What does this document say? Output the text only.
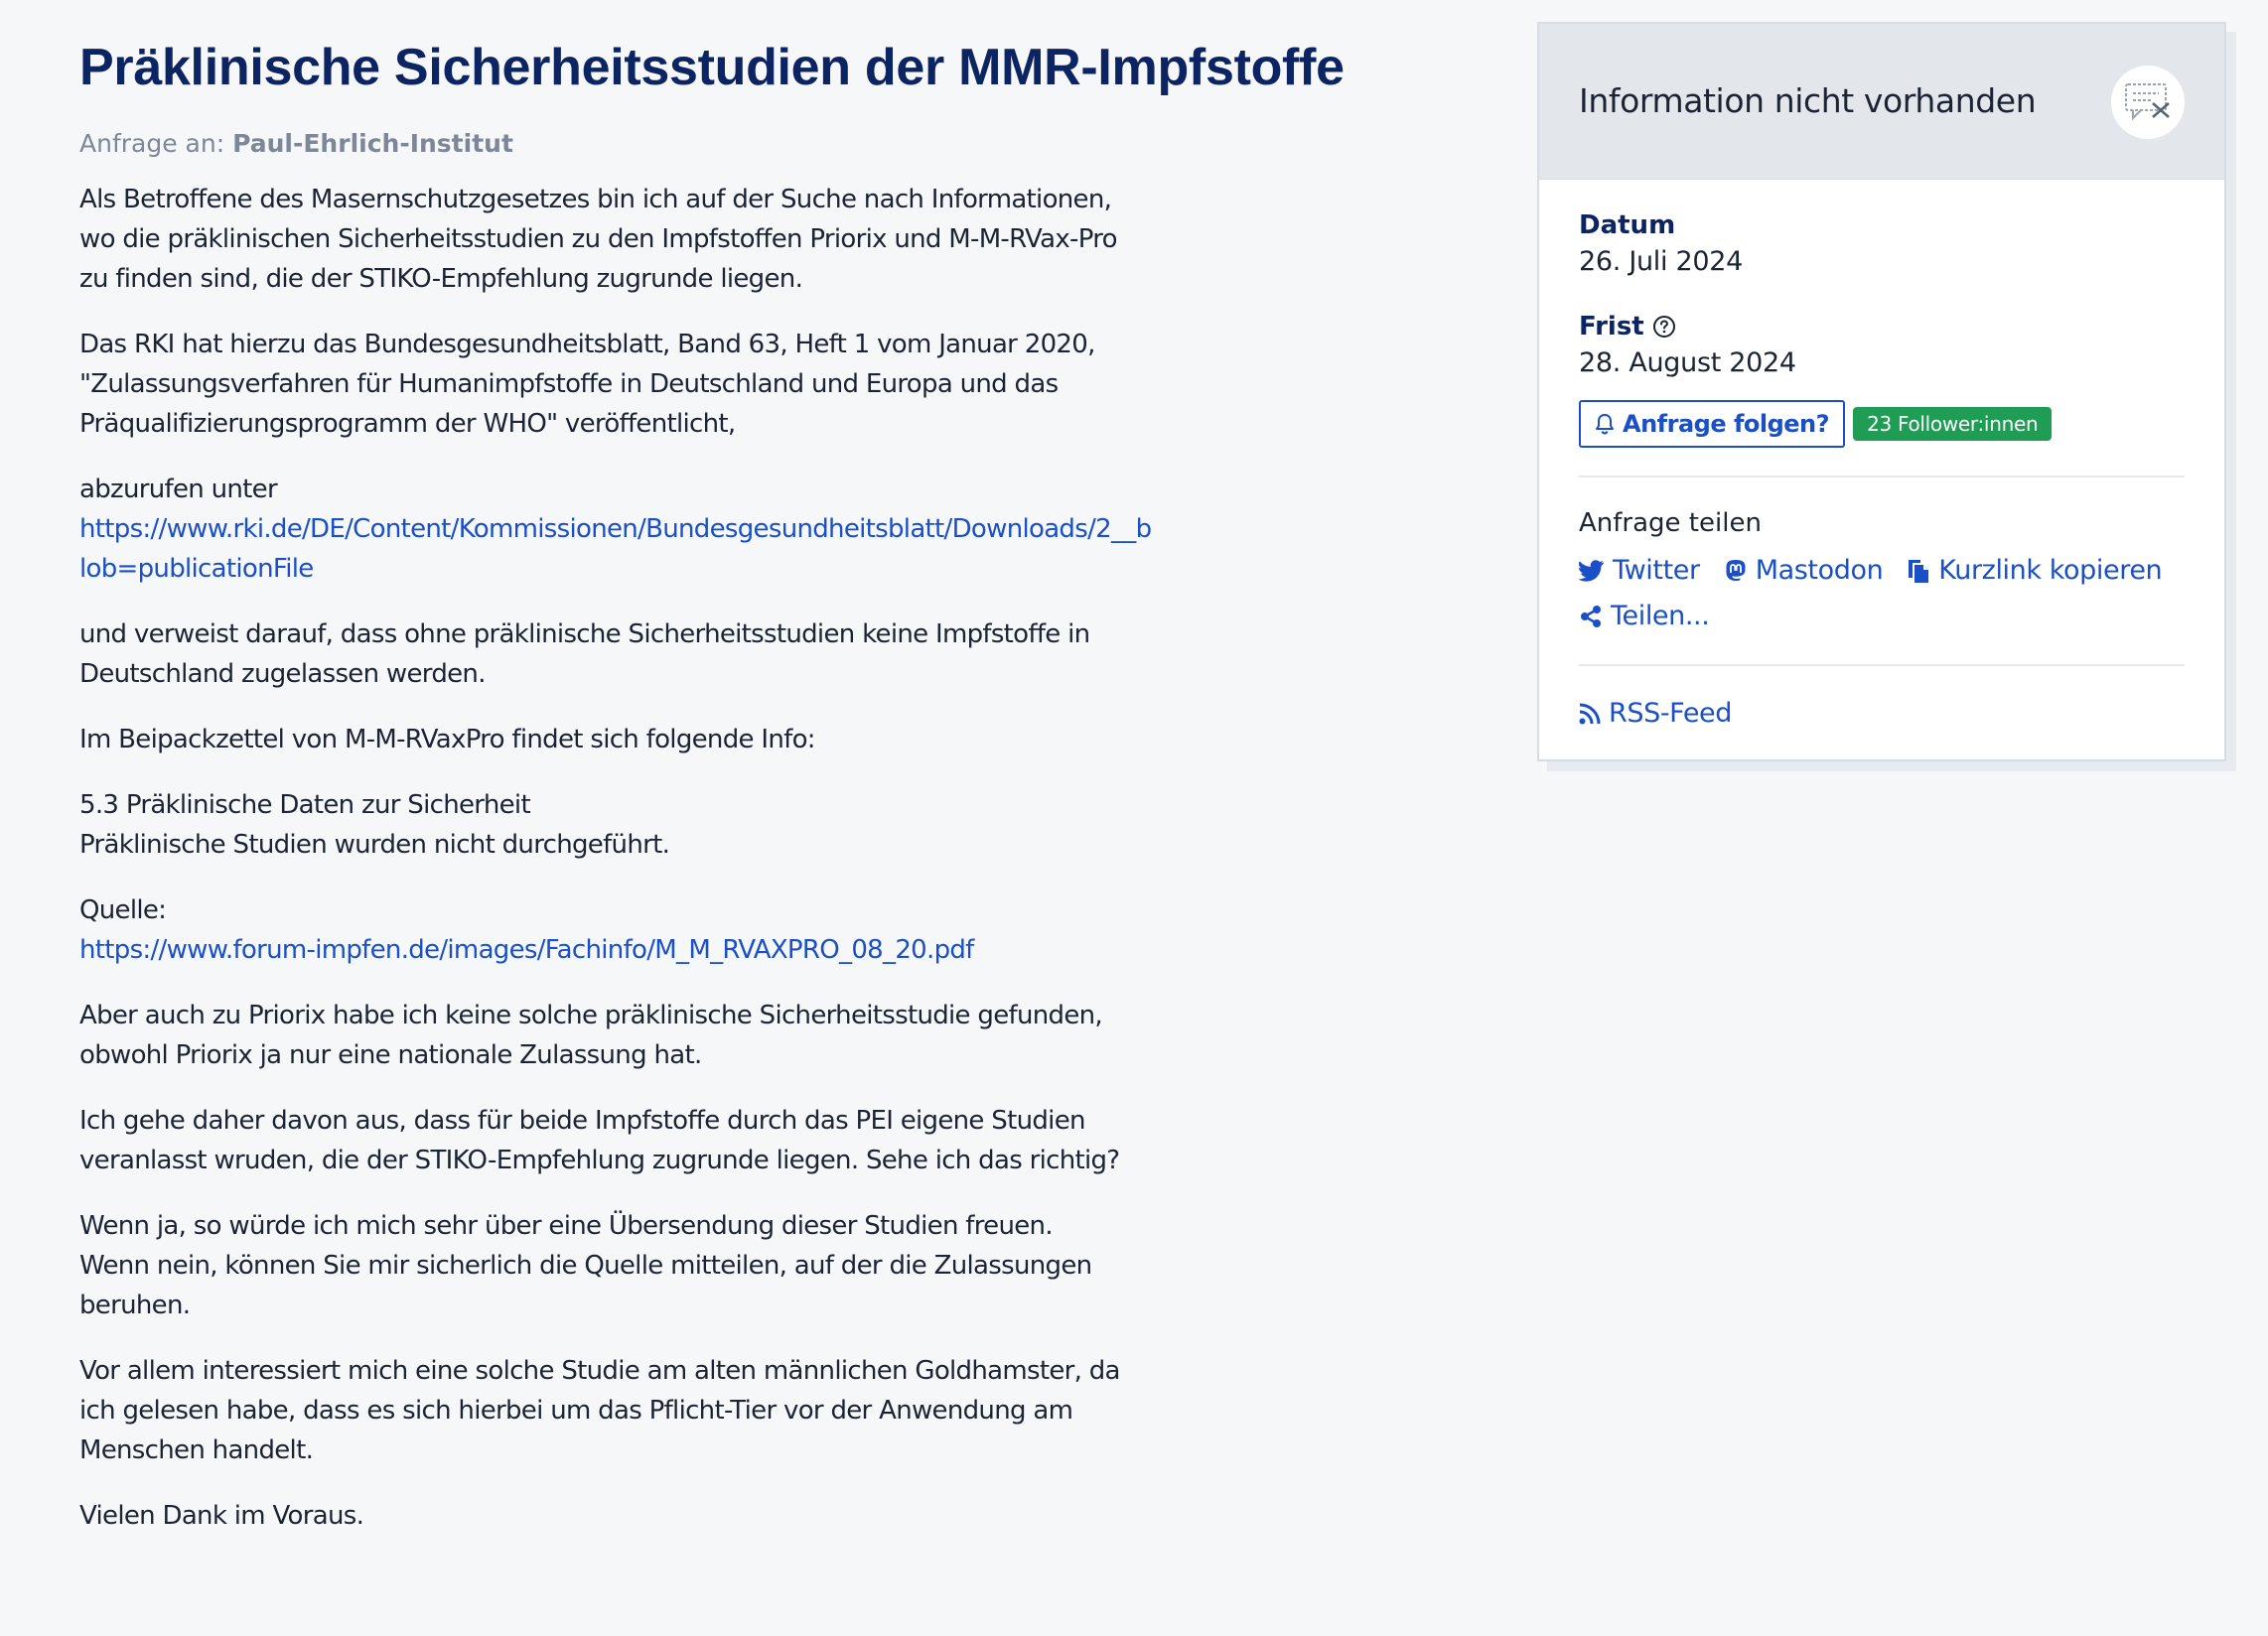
Präklinische Sicherheitsstudien der MMR-Impfstoffe
Anfrage an: Paul-Ehrlich-Institut

Als Betroffene des Masernschutzgesetzes bin ich auf der Suche nach Informationen, wo die präklinischen Sicherheitsstudien zu den Impfstoffen Priorix und M-M-RVax-Pro zu finden sind, die der STIKO-Empfehlung zugrunde liegen.

Das RKI hat hierzu das Bundesgesundheitsblatt, Band 63, Heft 1 vom Januar 2020,
"Zulassungsverfahren für Humanimpfstoffe in Deutschland und Europa und das
Präqualifizierungsprogramm der WHO" veröffentlicht,

abzurufen unter
https://www.rki.de/DE/Content/Kommissionen/Bundesgesundheitsblatt/Downloads/2__blob=publicationFile

und verweist darauf, dass ohne präklinische Sicherheitsstudien keine Impfstoffe in Deutschland zugelassen werden.

Im Beipackzettel von M-M-RVaxPro findet sich folgende Info:

5.3 Präklinische Daten zur Sicherheit
Präklinische Studien wurden nicht durchgeführt.

Quelle:
https://www.forum-impfen.de/images/Fachinfo/M_M_RVAXPRO_08_20.pdf

Aber auch zu Priorix habe ich keine solche präklinische Sicherheitsstudie gefunden, obwohl Priorix ja nur eine nationale Zulassung hat.

Ich gehe daher davon aus, dass für beide Impfstoffe durch das PEI eigene Studien veranlasst wruden, die der STIKO-Empfehlung zugrunde liegen. Sehe ich das richtig?

Wenn ja, so würde ich mich sehr über eine Übersendung dieser Studien freuen.
Wenn nein, können Sie mir sicherlich die Quelle mitteilen, auf der die Zulassungen beruhen.

Vor allem interessiert mich eine solche Studie am alten männlichen Goldhamster, da ich gelesen habe, dass es sich hierbei um das Pflicht-Tier vor der Anwendung am Menschen handelt.

Vielen Dank im Voraus.

Information nicht vorhanden
Datum
26. Juli 2024
Frist
28. August 2024
Anfrage folgen?	23 Follower:innen
Anfrage teilen
Twitter Mastodon Kurzlink kopieren
Teilen...
RSS-Feed
